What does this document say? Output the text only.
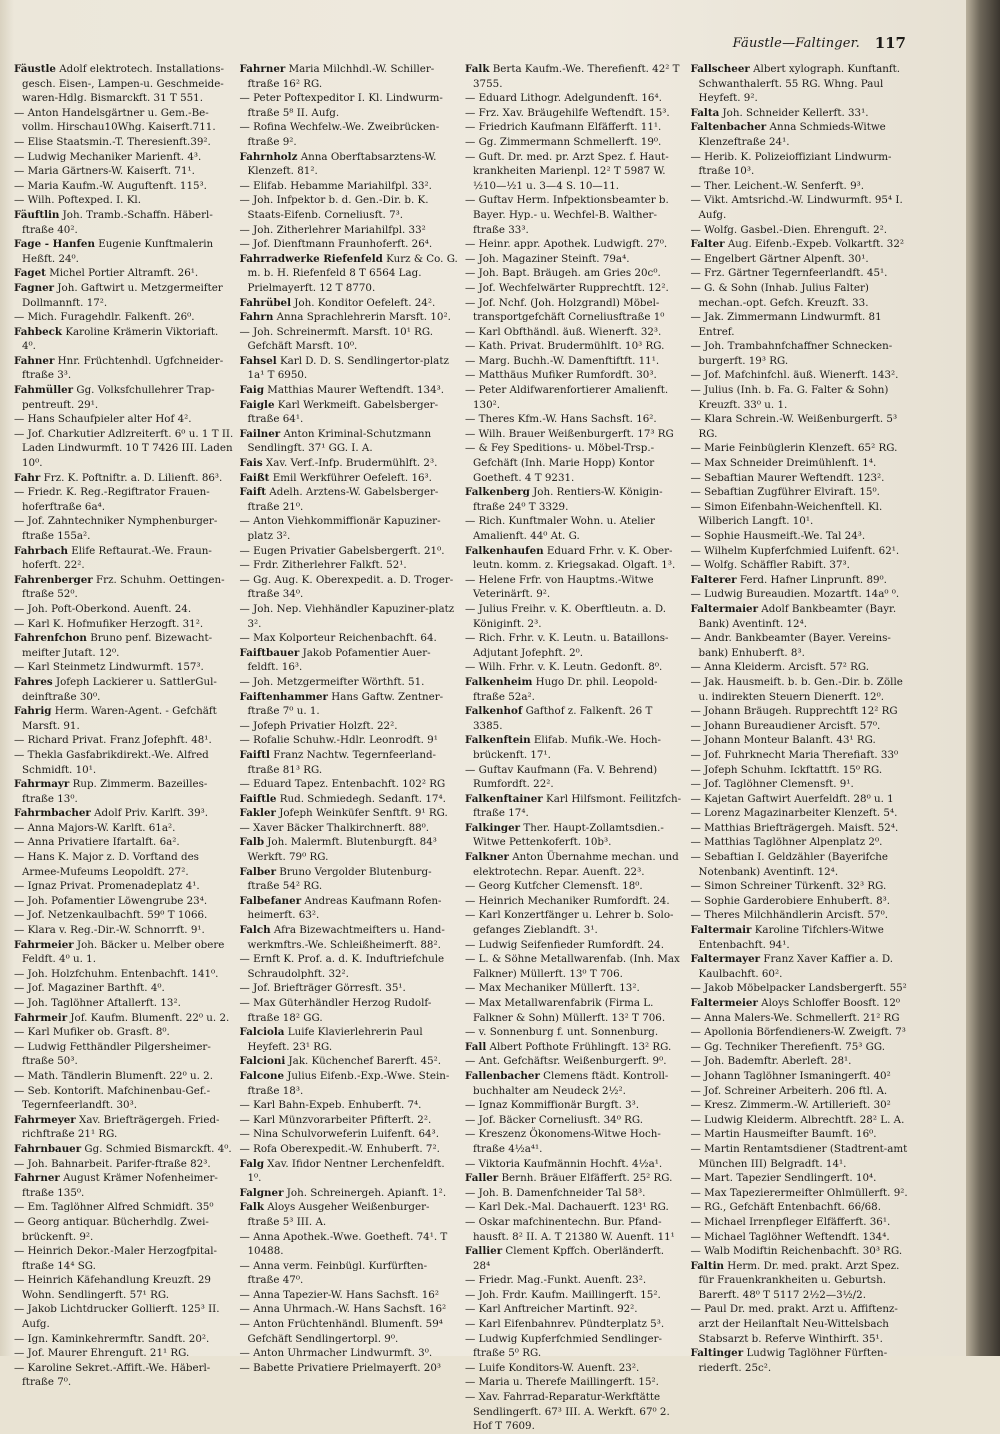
Fäustle—Faltinger. 117
Fäustle Adolf elektrotech. Installations-gesch. Eisen-, Lampen-u. Geschmeide-waren-Hdlg. Bismarckft. 31 T 551.
— Anton Handelsgärtner u. Gem.-Be-vollm. Hirschau10Whg. Kaiserft.711.
— Elise Staatsmin.-T. Theresienft.39².
— Ludwig Mechaniker Marienft. 4³.
— Maria Gärtners-W. Kaiserft. 71¹.
— Maria Kaufm.-W. Auguftenft. 115³.
— Wilh. Poftexped. I. Kl.
Fäuftlin Joh. Tramb.-Schaffn. Häberl-ftraße 40².
Fage - Hanfen Eugenie Kunftmalerin Heßft. 24⁰.
Faget Michel Portier Altramft. 26¹.
Fagner Joh. Gaftwirt u. Metzgermeifter Dollmannft. 17².
— Mich. Furagehdlr. Falkenft. 26⁰.
Fahbeck Karoline Krämerin Viktoriaft. 4⁰.
Fahner Hnr. Früchtenhdl. Ugfchneider-ftraße 3³.
Fahmüller Gg. Volksfchullehrer Trap-pentreuft. 29¹.
— Hans Schaufpieler alter Hof 4².
— Jof. Charkutier Adlzreiterft. 6⁰ u. 1 T II. Laden Lindwurmft. 10 T 7426 III. Laden 10⁰.
Fahr Frz. K. Poftniftr. a. D. Lilienft. 86³.
— Friedr. K. Reg.-Regiftrator Frauen-hoferftraße 6a⁴.
— Jof. Zahntechniker Nymphenburger-ftraße 155a².
Fahrbach Elife Reftaurat.-We. Fraun-hoferft. 22².
Fahrenberger Frz. Schuhm. Oettingen-ftraße 52⁰.
— Joh. Poft-Oberkond. Auenft. 24.
— Karl K. Hofmufiker Herzogft. 31².
Fahrenfchon Bruno penf. Bizewacht-meifter Jutaft. 12⁰.
— Karl Steinmetz Lindwurmft. 157³.
Fahres Jofeph Lackierer u. SattlerGul-deinftraße 30⁰.
Fahrig Herm. Waren-Agent. - Gefchäft Marsft. 91.
— Richard Privat. Franz Jofephft. 48¹.
— Thekla Gasfabrikdirekt.-We. Alfred Schmidft. 10¹.
Fahrmayr Rup. Zimmerm. Bazeilles-ftraße 13⁰.
Fahrmbacher Adolf Priv. Karlft. 39³.
— Anna Majors-W. Karlft. 61a².
— Anna Privatiere Ifartalft. 6a².
— Hans K. Major z. D. Vorftand des Armee-Mufeums Leopoldft. 27².
— Ignaz Privat. Promenadeplatz 4¹.
— Joh. Pofamentier Löwengrube 23⁴.
— Jof. Netzenkaulbachft. 59⁰ T 1066.
— Klara v. Reg.-Dir.-W. Schnorrft. 9¹.
Fahrmeier Joh. Bäcker u. Melber obere Feldft. 4⁰ u. 1.
— Joh. Holzfchuhm. Entenbachft. 141⁰.
— Jof. Magaziner Barthft. 4⁰.
— Joh. Taglöhner Aftallerft. 13².
Fahrmeir Jof. Kaufm. Blumenft. 22⁰ u. 2.
— Karl Mufiker ob. Grasft. 8⁰.
— Ludwig Fetthändler Pilgersheimer-ftraße 50³.
— Math. Tändlerin Blumenft. 22⁰ u. 2.
— Seb. Kontorift. Mafchinenbau-Gef.-Tegernfeerlandft. 30³.
Fahrmeyer Xav. Briefträgergeh. Fried-richftraße 21¹ RG.
Fahrnbauer Gg. Schmied Bismarckft. 4⁰.
— Joh. Bahnarbeit. Parifer-ftraße 82³.
Fahrner August Krämer Nofenheimer-ftraße 135⁰.
— Em. Taglöhner Alfred Schmidft. 35⁰
— Georg antiquar. Bücherhdlg. Zwei-brückenft. 9².
— Heinrich Dekor.-Maler Herzogfpital-ftraße 14⁴ SG.
— Heinrich Käfehandlung Kreuzft. 29 Wohn. Sendlingerft. 57¹ RG.
— Jakob Lichtdrucker Gollierft. 125³ II. Aufg.
— Ign. Kaminkehrermftr. Sandft. 20².
— Jof. Maurer Ehrenguft. 21¹ RG.
— Karoline Sekret.-Affift.-We. Häberl-ftraße 7⁰.
Fahrner Maria Milchhdl.-W. Schiller-ftraße 16² RG.
— Peter Poftexpeditor I. Kl. Lindwurm-ftraße 5⁸ II. Aufg.
— Rofina Wechfelw.-We. Zweibrücken-ftraße 9².
Fahrnholz Anna Oberftabsarztens-W. Klenzeft. 81².
— Elifab. Hebamme Mariahilfpl. 33².
— Joh. Infpektor b. d. Gen.-Dir. b. K. Staats-Eifenb. Corneliusft. 7³.
— Joh. Zitherlehrer Mariahilfpl. 33²
— Jof. Dienftmann Fraunhoferft. 26⁴.
Fahrradwerke Riefenfeld Kurz & Co. G. m. b. H. Riefenfeld 8 T 6564 Lag. Prielmayerft. 12 T 8770.
Fahrübel Joh. Konditor Oefeleft. 24².
Fahrn Anna Sprachlehrerin Marsft. 10².
— Joh. Schreinermft. Marsft. 10¹ RG. Gefchäft Marsft. 10⁰.
Fahsel Karl D. D. S. Sendlingertor-platz 1a¹ T 6950.
Faig Matthias Maurer Weftendft. 134³.
Faigle Karl Werkmeift. Gabelsberger-ftraße 64¹.
Failner Anton Kriminal-Schutzmann Sendlingft. 37¹ GG. I. A.
Fais Xav. Verf.-Infp. Brudermühlft. 2³.
Faißt Emil Werkführer Oefeleft. 16³.
Faift Adelh. Arztens-W. Gabelsberger-ftraße 21⁰.
— Anton Viehkommiffionär Kapuziner-platz 3².
— Eugen Privatier Gabelsbergerft. 21⁰.
— Frdr. Zitherlehrer Falkft. 52¹.
— Gg. Aug. K. Oberexpedit. a. D. Troger-ftraße 34⁰.
— Joh. Nep. Viehhändler Kapuziner-platz 3².
— Max Kolporteur Reichenbachft. 64.
Faiftbauer Jakob Pofamentier Auer-feldft. 16³.
— Joh. Metzgermeifter Wörthft. 51.
Faiftenhammer Hans Gaftw. Zentner-ftraße 7⁰ u. 1.
— Jofeph Privatier Holzft. 22².
— Rofalie Schuhw.-Hdlr. Leonrodft. 9¹
Faiftl Franz Nachtw. Tegernfeerland-ftraße 81³ RG.
— Eduard Tapez. Entenbachft. 102² RG
Faiftle Rud. Schmiedegh. Sedanft. 17⁴.
Fakler Jofeph Weinküfer Senftft. 9¹ RG.
— Xaver Bäcker Thalkirchnerft. 88⁰.
Falb Joh. Malermft. Blutenburgft. 84³ Werkft. 79⁰ RG.
Falber Bruno Vergolder Blutenburg-ftraße 54² RG.
Falbefaner Andreas Kaufmann Rofen-heimerft. 63².
Falch Afra Bizewachtmeifters u. Hand-werkmftrs.-We. Schleißheimerft. 88².
— Ernft K. Prof. a. d. K. Induftriefchule Schraudolphft. 32².
— Jof. Briefträger Görresft. 35¹.
— Max Güterhändler Herzog Rudolf-ftraße 18² GG.
Falciola Luife Klavierlehrerin Paul Heyfeft. 23¹ RG.
Falcioni Jak. Küchenchef Barerft. 45².
Falcone Julius Eifenb.-Exp.-Wwe. Stein-ftraße 18³.
— Karl Bahn-Expeb. Enhuberft. 7⁴.
— Karl Münzvorarbeiter Pfifterft. 2².
— Nina Schulvorweferin Luifenft. 64³.
— Rofa Oberexpedit.-W. Enhuberft. 7².
Falg Xav. Ifidor Nentner Lerchenfeldft. 1⁰.
Falgner Joh. Schreinergeh. Apianft. 1².
Falk Aloys Ausgeher Weißenburger-ftraße 5³ III. A.
— Anna Apothek.-Wwe. Goetheft. 74¹. T 10488.
— Anna verm. Feinbügl. Kurfürften-ftraße 47⁰.
— Anna Tapezier-W. Hans Sachsft. 16²
— Anna Uhrmach.-W. Hans Sachsft. 16²
— Anton Früchtenhändl. Blumenft. 59⁴ Gefchäft Sendlingertorpl. 9⁰.
— Anton Uhrmacher Lindwurmft. 3⁰.
— Babette Privatiere Prielmayerft. 20³
Falk Berta Kaufm.-We. Therefienft. 42² T 3755.
— Eduard Lithogr. Adelgundenft. 16⁴.
— Frz. Xav. Bräugehilfe Weftendft. 15³.
— Friedrich Kaufmann Elfäfferft. 11¹.
— Gg. Zimmermann Schmellerft. 19⁰.
— Guft. Dr. med. pr. Arzt Spez. f. Haut-krankheiten Marienpl. 12² T 5987 W. ½10—½1 u. 3—4 S. 10—11.
— Guftav Herm. Infpektionsbeamter b. Bayer. Hyp.- u. Wechfel-B. Walther-ftraße 33³.
— Heinr. appr. Apothek. Ludwigft. 27⁰.
— Joh. Magaziner Steinft. 79a⁴.
— Joh. Bapt. Bräugeh. am Gries 20c⁰.
— Jof. Wechfelwärter Rupprechtft. 12².
— Jof. Nchf. (Joh. Holzgrandl) Möbel-transportgefchäft Corneliusftraße 1⁰
— Karl Obfthändl. äuß. Wienerft. 32³.
— Kath. Privat. Brudermühlft. 10³ RG.
— Marg. Buchh.-W. Damenftiftft. 11¹.
— Matthäus Mufiker Rumfordft. 30³.
— Peter Aldifwarenfortierer Amalienft. 130².
— Theres Kfm.-W. Hans Sachsft. 16².
— Wilh. Brauer Weißenburgerft. 17³ RG
— & Fey Speditions- u. Möbel-Trsp.-Gefchäft (Inh. Marie Hopp) Kontor Goetheft. 4 T 9231.
Falkenberg Joh. Rentiers-W. Königin-ftraße 24⁰ T 3329.
— Rich. Kunftmaler Wohn. u. Atelier Amalienft. 44⁰ At. G.
Falkenhaufen Eduard Frhr. v. K. Ober-leutn. komm. z. Kriegsakad. Olgaft. 1³.
— Helene Frfr. von Hauptms.-Witwe Veterinärft. 9².
— Julius Freihr. v. K. Oberftleutn. a. D. Königinft. 2³.
— Rich. Frhr. v. K. Leutn. u. Bataillons-Adjutant Jofephft. 2⁰.
— Wilh. Frhr. v. K. Leutn. Gedonft. 8⁰.
Falkenheim Hugo Dr. phil. Leopold-ftraße 52a².
Falkenhof Gafthof z. Falkenft. 26 T 3385.
Falkenftein Elifab. Mufik.-We. Hoch-brückenft. 17¹.
— Guftav Kaufmann (Fa. V. Behrend) Rumfordft. 22².
Falkenftainer Karl Hilfsmont. Feilitzfch-ftraße 17⁴.
Falkinger Ther. Haupt-Zollamtsdien.-Witwe Pettenkoferft. 10b³.
Falkner Anton Übernahme mechan. und elektrotechn. Repar. Auenft. 22³.
— Georg Kutfcher Clemensft. 18⁰.
— Heinrich Mechaniker Rumfordft. 24.
— Karl Konzertfänger u. Lehrer b. Solo-gefanges Zieblandft. 3¹.
— Ludwig Seifenfieder Rumfordft. 24.
— L. & Söhne Metallwarenfab. (Inh. Max Falkner) Müllerft. 13⁰ T 706.
— Max Mechaniker Müllerft. 13².
— Max Metallwarenfabrik (Firma L. Falkner & Sohn) Müllerft. 13² T 706.
— v. Sonnenburg f. unt. Sonnenburg.
Fall Albert Pofthote Frühlingft. 13² RG.
— Ant. Gefchäftsr. Weißenburgerft. 9⁰.
Fallenbacher Clemens ftädt. Kontroll-buchhalter am Neudeck 2½².
— Ignaz Kommiffionär Burgft. 3³.
— Jof. Bäcker Corneliusft. 34⁰ RG.
— Kreszenz Ökonomens-Witwe Hoch-ftraße 4½a⁴¹.
— Viktoria Kaufmännin Hochft. 4½a¹.
Faller Bernh. Bräuer Elfäfferft. 25² RG.
— Joh. B. Damenfchneider Tal 58³.
— Karl Dek.-Mal. Dachauerft. 123¹ RG.
— Oskar mafchinentechn. Bur. Pfand-hausft. 8² II. A. T 21380 W. Auenft. 11¹
Fallier Clement Kpffch. Oberländerft. 28⁴
— Friedr. Mag.-Funkt. Auenft. 23².
— Joh. Frdr. Kaufm. Maillingerft. 15².
— Karl Anftreicher Martinft. 92².
— Karl Eifenbahnrev. Pündterplatz 5³.
— Ludwig Kupferfchmied Sendlinger-ftraße 5⁰ RG.
— Luife Konditors-W. Auenft. 23².
— Maria u. Therefe Maillingerft. 15².
— Xav. Fahrrad-Reparatur-Werkftätte Sendlingerft. 67³ III. A. Werkft. 67⁰ 2. Hof T 7609.
Fallscheer Albert xylograph. Kunftanft. Schwanthalerft. 55 RG. Whng. Paul Heyfeft. 9².
Falta Joh. Schneider Kellerft. 33¹.
Faltenbacher Anna Schmieds-Witwe Klenzeftraße 24¹.
— Herib. K. Polizeioffiziant Lindwurm-ftraße 10³.
— Ther. Leichent.-W. Senferft. 9³.
— Vikt. Amtsrichd.-W. Lindwurmft. 95⁴ I. Aufg.
— Wolfg. Gasbel.-Dien. Ehrenguft. 2².
Falter Aug. Eifenb.-Expeb. Volkartft. 32²
— Engelbert Gärtner Alpenft. 30¹.
— Frz. Gärtner Tegernfeerlandft. 45¹.
— G. & Sohn (Inhab. Julius Falter) mechan.-opt. Gefch. Kreuzft. 33.
— Jak. Zimmermann Lindwurmft. 81 Entref.
— Joh. Trambahnfchaffner Schnecken-burgerft. 19³ RG.
— Jof. Mafchinfchl. äuß. Wienerft. 143².
— Julius (Inh. b. Fa. G. Falter & Sohn) Kreuzft. 33⁰ u. 1.
— Klara Schrein.-W. Weißenburgerft. 5³ RG.
— Marie Feinbüglerin Klenzeft. 65² RG.
— Max Schneider Dreimühlenft. 1⁴.
— Sebaftian Maurer Weftendft. 123².
— Sebaftian Zugführer Elviraft. 15⁰.
— Simon Eifenbahn-Weichenftell. Kl. Wilberich Langft. 10¹.
— Sophie Hausmeift.-We. Tal 24³.
— Wilhelm Kupferfchmied Luifenft. 62¹.
— Wolfg. Schäffler Rabift. 37³.
Falterer Ferd. Hafner Linprunft. 89⁰.
— Ludwig Bureaudien. Mozartft. 14a⁰ ⁰.
Faltermaier Adolf Bankbeamter (Bayr. Bank) Aventinft. 12⁴.
— Andr. Bankbeamter (Bayer. Vereins-bank) Enhuberft. 8³.
— Anna Kleiderm. Arcisft. 57² RG.
— Jak. Hausmeift. b. b. Gen.-Dir. b. Zölle u. indirekten Steuern Dienerft. 12⁰.
— Johann Bräugeh. Rupprechtft 12² RG
— Johann Bureaudiener Arcisft. 57⁰.
— Johann Monteur Balanft. 43¹ RG.
— Jof. Fuhrknecht Maria Therefiaft. 33⁰
— Jofeph Schuhm. Ickftattft. 15⁰ RG.
— Jof. Taglöhner Clemensft. 9¹.
— Kajetan Gaftwirt Auerfeldft. 28⁰ u. 1
— Lorenz Magazinarbeiter Klenzeft. 5⁴.
— Matthias Briefträgergeh. Maisft. 52⁴.
— Matthias Taglöhner Alpenplatz 2⁰.
— Sebaftian I. Geldzähler (Bayerifche Notenbank) Aventinft. 12⁴.
— Simon Schreiner Türkenft. 32³ RG.
— Sophie Garderobiere Enhuberft. 8³.
— Theres Milchhändlerin Arcisft. 57⁰.
Faltermair Karoline Tifchlers-Witwe Entenbachft. 94¹.
Faltermayer Franz Xaver Kaffier a. D. Kaulbachft. 60².
— Jakob Möbelpacker Landsbergerft. 55²
Faltermeier Aloys Schloffer Boosft. 12⁰
— Anna Malers-We. Schmellerft. 21² RG
— Apollonia Börfendieners-W. Zweigft. 7³
— Gg. Techniker Therefienft. 75³ GG.
— Joh. Bademftr. Aberleft. 28¹.
— Johann Taglöhner Ismaningerft. 40²
— Jof. Schreiner Arbeiterh. 206 ftl. A.
— Kresz. Zimmerm.-W. Artillerieft. 30²
— Ludwig Kleiderm. Albrechtft. 28² L. A.
— Martin Hausmeifter Baumft. 16⁰.
— Martin Rentamtsdiener (Stadtrent-amt München III) Belgradft. 14¹.
— Mart. Tapezier Sendlingerft. 10⁴.
— Max Tapezierermeifter Ohlmüllerft. 9².
— RG., Gefchäft Entenbachft. 66/68.
— Michael Irrenpfleger Elfäfferft. 36¹.
— Michael Taglöhner Weftendft. 134⁴.
— Walb Modiftin Reichenbachft. 30³ RG.
Faltin Herm. Dr. med. prakt. Arzt Spez. für Frauenkrankheiten u. Geburtsh. Barerft. 48⁰ T 5117 2½2—3½/2.
— Paul Dr. med. prakt. Arzt u. Affiftenz-arzt der Heilanftalt Neu-Wittelsbach Stabsarzt b. Referve Winthirft. 35¹.
Faltinger Ludwig Taglöhner Fürften-riederft. 25c².
